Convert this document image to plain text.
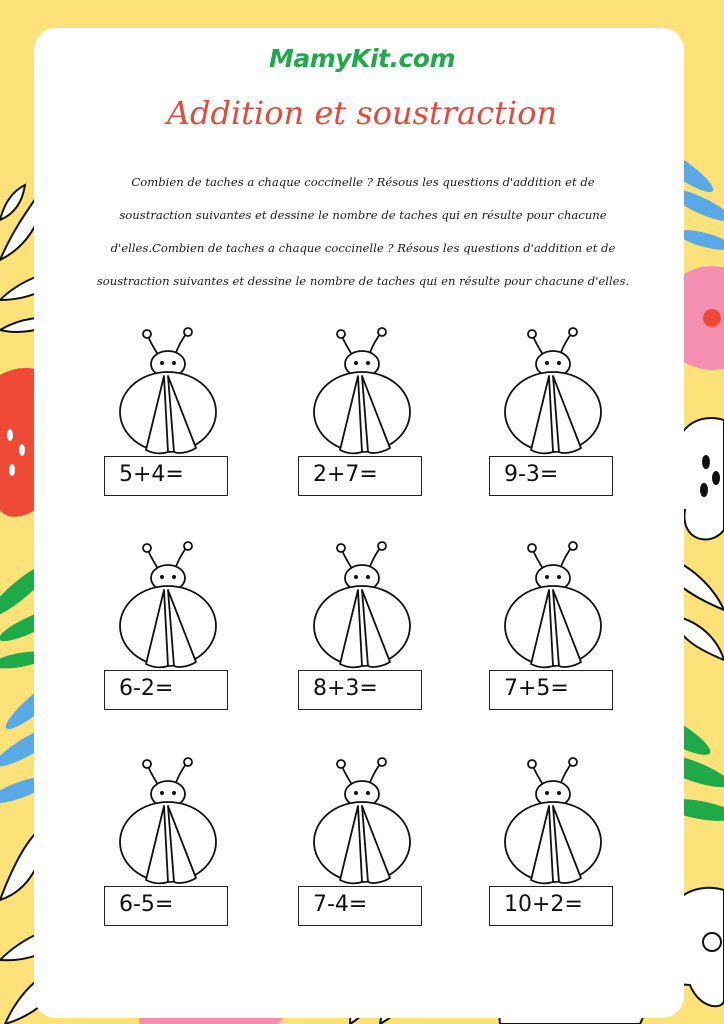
MamyKit.com
Addition et soustraction
Combien de taches a chaque coccinelle ? Résous les questions d'addition et de soustraction suivantes et dessine le nombre de taches qui en résulte pour chacune d'elles.Combien de taches a chaque coccinelle ? Résous les questions d'addition et de soustraction suivantes et dessine le nombre de taches qui en résulte pour chacune d'elles.
5+4=	2+7=	9-3=
6-2=	8+3=	7+5=
6-5=	7-4=	10+2=
